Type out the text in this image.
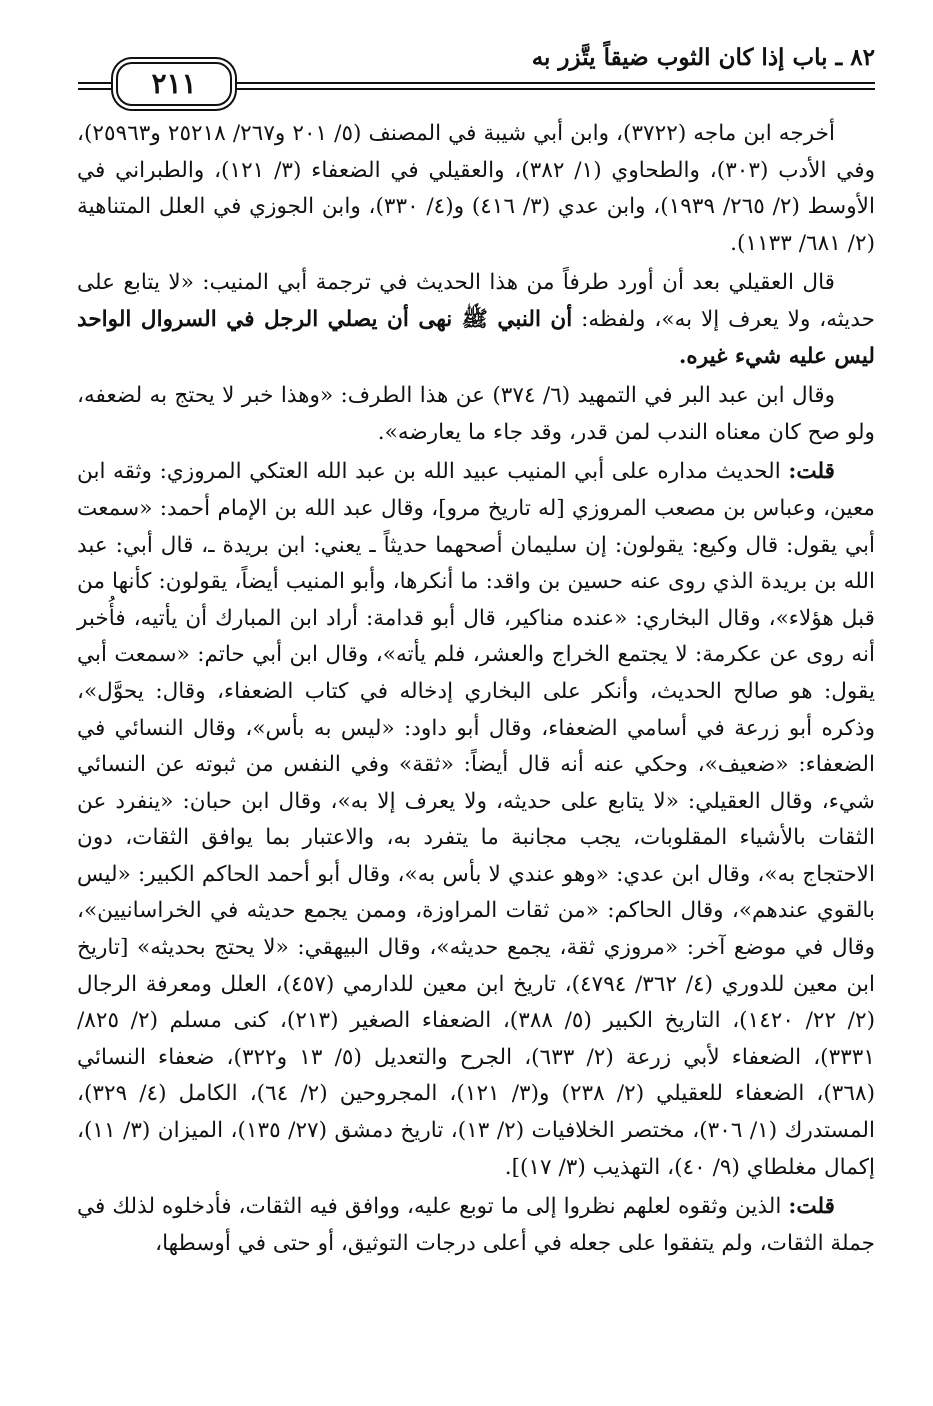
٨٢ ـ باب إذا كان الثوب ضيقاً يتَّزر به
٢١١

أخرجه ابن ماجه (٣٧٢٢)، وابن أبي شيبة في المصنف (٥/ ٢٠١ و٢٦٧/ ٢٥٢١٨ و٢٥٩٦٣)، وفي الأدب (٣٠٣)، والطحاوي (١/ ٣٨٢)، والعقيلي في الضعفاء (٣/ ١٢١)، والطبراني في الأوسط (٢/ ٢٦٥/ ١٩٣٩)، وابن عدي (٣/ ٤١٦) و(٤/ ٣٣٠)، وابن الجوزي في العلل المتناهية (٢/ ٦٨١/ ١١٣٣).

قال العقيلي بعد أن أورد طرفاً من هذا الحديث في ترجمة أبي المنيب: «لا يتابع على حديثه، ولا يعرف إلا به»، ولفظه: أن النبي ﷺ نهى أن يصلي الرجل في السروال الواحد ليس عليه شيء غيره.

وقال ابن عبد البر في التمهيد (٦/ ٣٧٤) عن هذا الطرف: «وهذا خبر لا يحتج به لضعفه، ولو صح كان معناه الندب لمن قدر، وقد جاء ما يعارضه».

قلت: الحديث مداره على أبي المنيب عبيد الله بن عبد الله العتكي المروزي: وثقه ابن معين، وعباس بن مصعب المروزي [له تاريخ مرو]، وقال عبد الله بن الإمام أحمد: «سمعت أبي يقول: قال وكيع: يقولون: إن سليمان أصحهما حديثاً ـ يعني: ابن بريدة ـ، قال أبي: عبد الله بن بريدة الذي روى عنه حسين بن واقد: ما أنكرها، وأبو المنيب أيضاً، يقولون: كأنها من قبل هؤلاء»، وقال البخاري: «عنده مناكير، قال أبو قدامة: أراد ابن المبارك أن يأتيه، فأُخبر أنه روى عن عكرمة: لا يجتمع الخراج والعشر، فلم يأته»، وقال ابن أبي حاتم: «سمعت أبي يقول: هو صالح الحديث، وأنكر على البخاري إدخاله في كتاب الضعفاء، وقال: يحوَّل»، وذكره أبو زرعة في أسامي الضعفاء، وقال أبو داود: «ليس به بأس»، وقال النسائي في الضعفاء: «ضعيف»، وحكي عنه أنه قال أيضاً: «ثقة» وفي النفس من ثبوته عن النسائي شيء، وقال العقيلي: «لا يتابع على حديثه، ولا يعرف إلا به»، وقال ابن حبان: «ينفرد عن الثقات بالأشياء المقلوبات، يجب مجانبة ما يتفرد به، والاعتبار بما يوافق الثقات، دون الاحتجاج به»، وقال ابن عدي: «وهو عندي لا بأس به»، وقال أبو أحمد الحاكم الكبير: «ليس بالقوي عندهم»، وقال الحاكم: «من ثقات المراوزة، وممن يجمع حديثه في الخراسانيين»، وقال في موضع آخر: «مروزي ثقة، يجمع حديثه»، وقال البيهقي: «لا يحتج بحديثه» [تاريخ ابن معين للدوري (٤/ ٣٦٢/ ٤٧٩٤)، تاريخ ابن معين للدارمي (٤٥٧)، العلل ومعرفة الرجال (٢/ ٢٢/ ١٤٢٠)، التاريخ الكبير (٥/ ٣٨٨)، الضعفاء الصغير (٢١٣)، كنى مسلم (٢/ ٨٢٥/ ٣٣٣١)، الضعفاء لأبي زرعة (٢/ ٦٣٣)، الجرح والتعديل (٥/ ١٣ و٣٢٢)، ضعفاء النسائي (٣٦٨)، الضعفاء للعقيلي (٢/ ٢٣٨) و(٣/ ١٢١)، المجروحين (٢/ ٦٤)، الكامل (٤/ ٣٢٩)، المستدرك (١/ ٣٠٦)، مختصر الخلافيات (٢/ ١٣)، تاريخ دمشق (٢٧/ ١٣٥)، الميزان (٣/ ١١)، إكمال مغلطاي (٩/ ٤٠)، التهذيب (٣/ ١٧)].

قلت: الذين وثقوه لعلهم نظروا إلى ما توبع عليه، ووافق فيه الثقات، فأدخلوه لذلك في جملة الثقات، ولم يتفقوا على جعله في أعلى درجات التوثيق، أو حتى في أوسطها،
